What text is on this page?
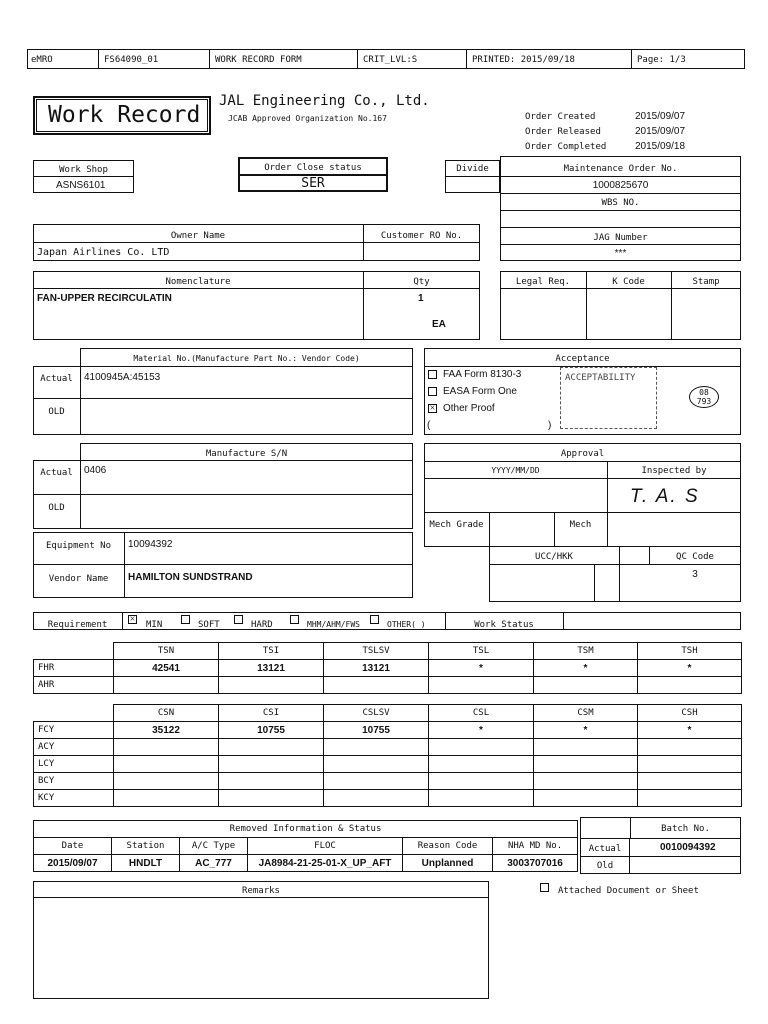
eMRO	FS64090_01	WORK RECORD FORM	CRIT_LVL:S	PRINTED: 2015/09/18	Page: 1/3
Work Record
JAL Engineering Co., Ltd.
JCAB Approved Organization No.167	Order Created	2015/09/07
Order Released	2015/09/07
Order Completed	2015/09/18
Work Shop
ASNS6101
Order Close status
SER
Divide	Maintenance Order No.
1000825670
WBS NO.
JAG Number
***
Owner Name	Customer RO No.
Japan Airlines Co. LTD
Nomenclature	Qty
FAN-UPPER RECIRCULATIN	1
EA
Legal Req.	K Code	Stamp
Material No.(Manufacture Part No.: Vendor Code)
Actual	4100945A:45153
OLD
Acceptance
FAA Form 8130-3
EASA Form One
× Other Proof
(	)
ACCEPTABILITY
08
793
Manufacture S/N
Actual	0406
OLD
Approval
YYYY/MM/DD	Inspected by
T. A. S
Mech Grade	Mech
Equipment No	10094392
Vendor Name	HAMILTON SUNDSTRAND
UCC/HKK	QC Code
3
Requirement	× MIN	SOFT	HARD	MHM/AHM/FWS	OTHER( )	Work Status
	TSN	TSI	TSLSV	TSL	TSM	TSH
FHR	42541	13121	13121	*	*	*
AHR						
	CSN	CSI	CSLSV	CSL	CSM	CSH
FCY	35122	10755	10755	*	*	*
ACY						
LCY						
BCY						
KCY						
Removed Information & Status					
Date	Station	A/C Type	FLOC	Reason Code	NHA MD No.
2015/09/07	HNDLT	AC_777	JA8984-21-25-01-X_UP_AFT	Unplanned	3003707016
Batch No.
Actual	0010094392
Old
Remarks	Attached Document or Sheet
